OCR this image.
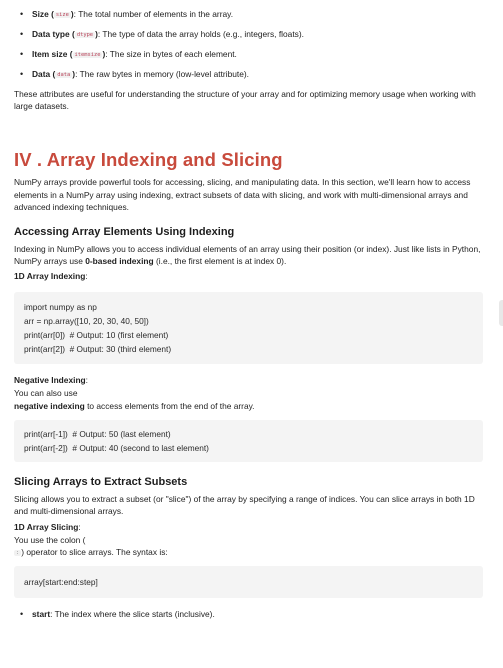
• Size ( size ): The total number of elements in the array.
• Data type ( dtype ): The type of data the array holds (e.g., integers, floats).
• Item size ( itemsize ): The size in bytes of each element.
• Data ( data ): The raw bytes in memory (low-level attribute).

These attributes are useful for understanding the structure of your array and for optimizing memory usage when working with large datasets.

IV . Array Indexing and Slicing

NumPy arrays provide powerful tools for accessing, slicing, and manipulating data. In this section, we'll learn how to access elements in a NumPy array using indexing, extract subsets of data with slicing, and work with multi-dimensional arrays and advanced indexing techniques.

Accessing Array Elements Using Indexing

Indexing in NumPy allows you to access individual elements of an array using their position (or index). Just like lists in Python, NumPy arrays use 0-based indexing (i.e., the first element is at index 0).

1D Array Indexing:

import numpy as np
arr = np.array([10, 20, 30, 40, 50])
print(arr[0])  # Output: 10 (first element)
print(arr[2])  # Output: 30 (third element)

Negative Indexing:

You can also use

negative indexing to access elements from the end of the array.

print(arr[-1])  # Output: 50 (last element)
print(arr[-2])  # Output: 40 (second to last element)
Slicing Arrays to Extract Subsets

Slicing allows you to extract a subset (or "slice") of the array by specifying a range of indices. You can slice arrays in both 1D and multi-dimensional arrays.

1D Array Slicing:

You use the colon (

: ) operator to slice arrays. The syntax is:

array[start:end:step]
• start: The index where the slice starts (inclusive).
